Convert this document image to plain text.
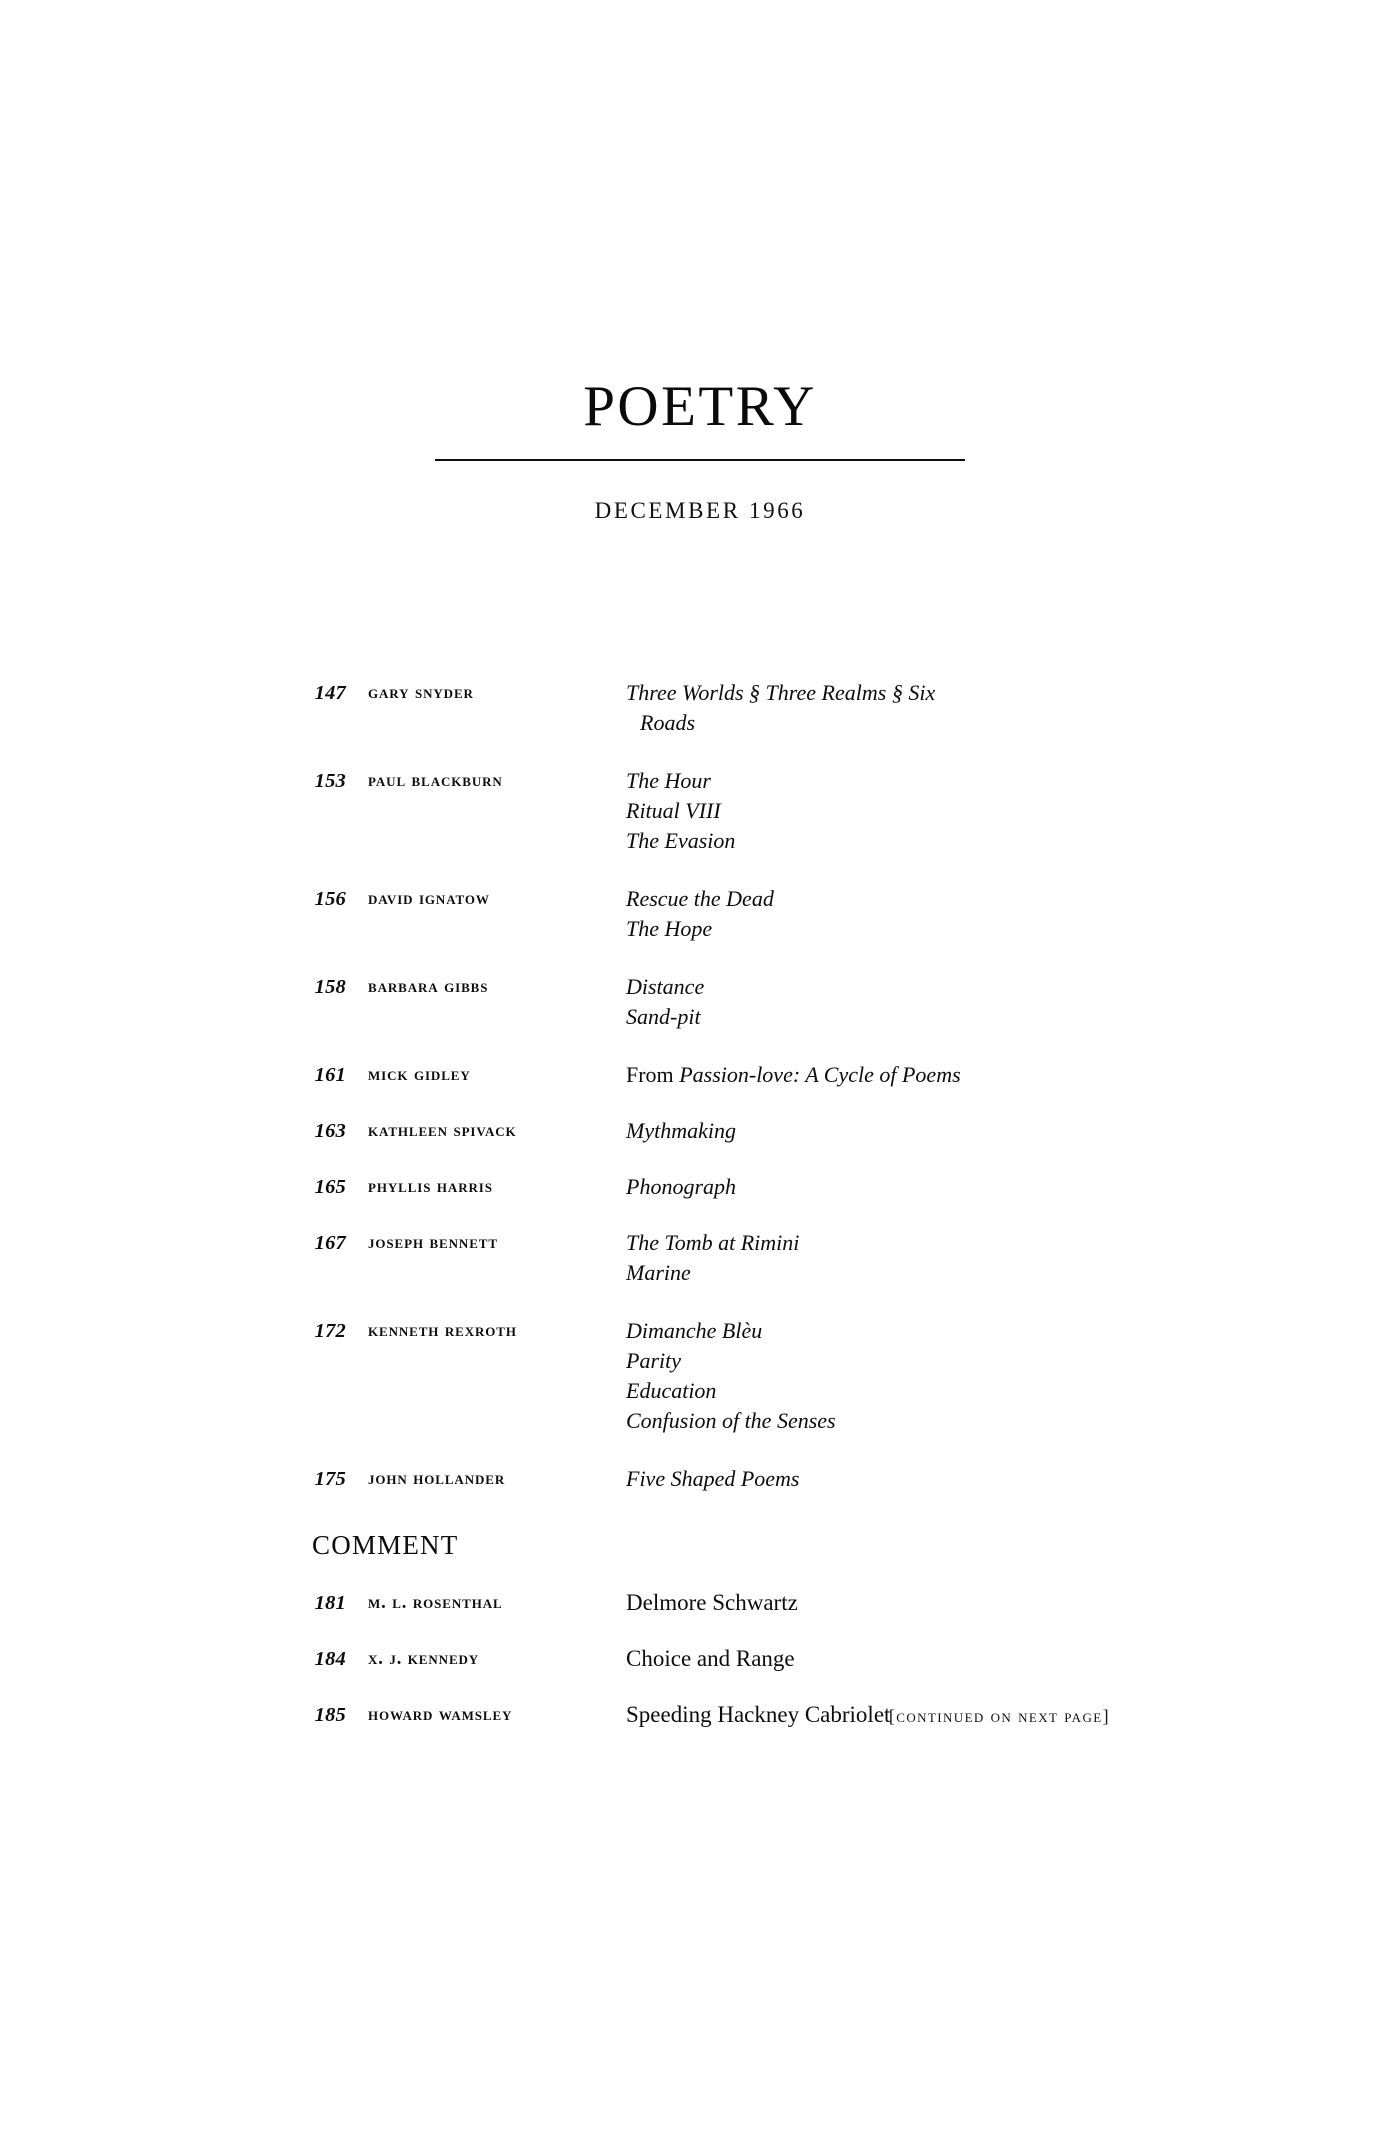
POETRY
DECEMBER 1966
147	gary snyder	Three Worlds § Three Realms § Six
Roads
153	paul blackburn	The Hour
Ritual VIII
The Evasion
156	david ignatow	Rescue the Dead
The Hope
158	barbara gibbs	Distance
Sand-pit
161	mick gidley	From Passion-love: A Cycle of Poems
163	kathleen spivack	Mythmaking
165	phyllis harris	Phonograph
167	joseph bennett	The Tomb at Rimini
Marine
172	kenneth rexroth	Dimanche Blèu
Parity
Education
Confusion of the Senses
175	john hollander	Five Shaped Poems
COMMENT
181	m. l. rosenthal	Delmore Schwartz
184	x. j. kennedy	Choice and Range
185	howard wamsley	Speeding Hackney Cabriolet
[continued on next page]
